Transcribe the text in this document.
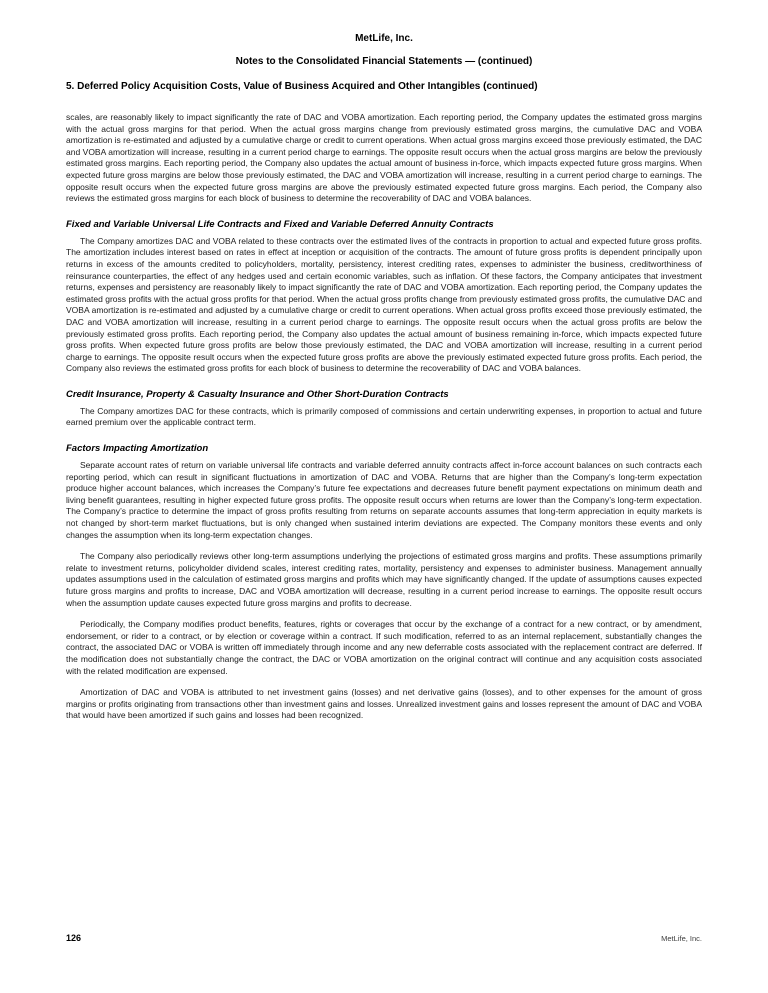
MetLife, Inc.
Notes to the Consolidated Financial Statements — (continued)
5. Deferred Policy Acquisition Costs, Value of Business Acquired and Other Intangibles (continued)

scales, are reasonably likely to impact significantly the rate of DAC and VOBA amortization. Each reporting period, the Company updates the estimated gross margins with the actual gross margins for that period. When the actual gross margins change from previously estimated gross margins, the cumulative DAC and VOBA amortization is re-estimated and adjusted by a cumulative charge or credit to current operations. When actual gross margins exceed those previously estimated, the DAC and VOBA amortization will increase, resulting in a current period charge to earnings. The opposite result occurs when the actual gross margins are below the previously estimated gross margins. Each reporting period, the Company also updates the actual amount of business in-force, which impacts expected future gross margins. When expected future gross margins are below those previously estimated, the DAC and VOBA amortization will increase, resulting in a current period charge to earnings. The opposite result occurs when the expected future gross margins are above the previously estimated expected future gross margins. Each period, the Company also reviews the estimated gross margins for each block of business to determine the recoverability of DAC and VOBA balances.

Fixed and Variable Universal Life Contracts and Fixed and Variable Deferred Annuity Contracts

The Company amortizes DAC and VOBA related to these contracts over the estimated lives of the contracts in proportion to actual and expected future gross profits. The amortization includes interest based on rates in effect at inception or acquisition of the contracts. The amount of future gross profits is dependent principally upon returns in excess of the amounts credited to policyholders, mortality, persistency, interest crediting rates, expenses to administer the business, creditworthiness of reinsurance counterparties, the effect of any hedges used and certain economic variables, such as inflation. Of these factors, the Company anticipates that investment returns, expenses and persistency are reasonably likely to impact significantly the rate of DAC and VOBA amortization. Each reporting period, the Company updates the estimated gross profits with the actual gross profits for that period. When the actual gross profits change from previously estimated gross profits, the cumulative DAC and VOBA amortization is re-estimated and adjusted by a cumulative charge or credit to current operations. When actual gross profits exceed those previously estimated, the DAC and VOBA amortization will increase, resulting in a current period charge to earnings. The opposite result occurs when the actual gross profits are below the previously estimated gross profits. Each reporting period, the Company also updates the actual amount of business remaining in-force, which impacts expected future gross profits. When expected future gross profits are below those previously estimated, the DAC and VOBA amortization will increase, resulting in a current period charge to earnings. The opposite result occurs when the expected future gross profits are above the previously estimated expected future gross profits. Each period, the Company also reviews the estimated gross profits for each block of business to determine the recoverability of DAC and VOBA balances.

Credit Insurance, Property & Casualty Insurance and Other Short-Duration Contracts

The Company amortizes DAC for these contracts, which is primarily composed of commissions and certain underwriting expenses, in proportion to actual and future earned premium over the applicable contract term.

Factors Impacting Amortization

Separate account rates of return on variable universal life contracts and variable deferred annuity contracts affect in-force account balances on such contracts each reporting period, which can result in significant fluctuations in amortization of DAC and VOBA. Returns that are higher than the Company’s long-term expectation produce higher account balances, which increases the Company’s future fee expectations and decreases future benefit payment expectations on minimum death and living benefit guarantees, resulting in higher expected future gross profits. The opposite result occurs when returns are lower than the Company’s long-term expectation. The Company’s practice to determine the impact of gross profits resulting from returns on separate accounts assumes that long-term appreciation in equity markets is not changed by short-term market fluctuations, but is only changed when sustained interim deviations are expected. The Company monitors these events and only changes the assumption when its long-term expectation changes.

The Company also periodically reviews other long-term assumptions underlying the projections of estimated gross margins and profits. These assumptions primarily relate to investment returns, policyholder dividend scales, interest crediting rates, mortality, persistency and expenses to administer business. Management annually updates assumptions used in the calculation of estimated gross margins and profits which may have significantly changed. If the update of assumptions causes expected future gross margins and profits to increase, DAC and VOBA amortization will decrease, resulting in a current period increase to earnings. The opposite result occurs when the assumption update causes expected future gross margins and profits to decrease.

Periodically, the Company modifies product benefits, features, rights or coverages that occur by the exchange of a contract for a new contract, or by amendment, endorsement, or rider to a contract, or by election or coverage within a contract. If such modification, referred to as an internal replacement, substantially changes the contract, the associated DAC or VOBA is written off immediately through income and any new deferrable costs associated with the replacement contract are deferred. If the modification does not substantially change the contract, the DAC or VOBA amortization on the original contract will continue and any acquisition costs associated with the related modification are expensed.

Amortization of DAC and VOBA is attributed to net investment gains (losses) and net derivative gains (losses), and to other expenses for the amount of gross margins or profits originating from transactions other than investment gains and losses. Unrealized investment gains and losses represent the amount of DAC and VOBA that would have been amortized if such gains and losses had been recognized.

126	MetLife, Inc.
